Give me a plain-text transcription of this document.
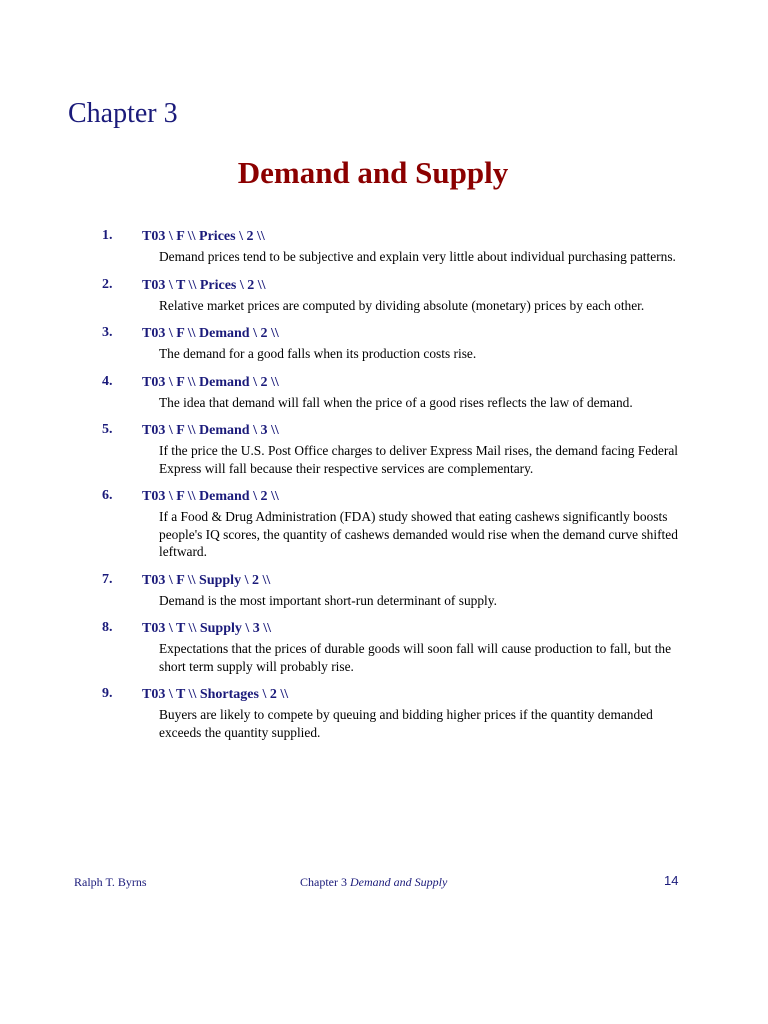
Chapter 3
Demand and Supply
1. T03 \ F \\ Prices \ 2 \\
Demand prices tend to be subjective and explain very little about individual purchasing patterns.
2. T03 \ T \\ Prices \ 2 \\
Relative market prices are computed by dividing absolute (monetary) prices by each other.
3. T03 \ F \\ Demand \ 2 \\
The demand for a good falls when its production costs rise.
4. T03 \ F \\ Demand \ 2 \\
The idea that demand will fall when the price of a good rises reflects the law of demand.
5. T03 \ F \\ Demand \ 3 \\
If the price the U.S. Post Office charges to deliver Express Mail rises, the demand facing Federal Express will fall because their respective services are complementary.
6. T03 \ F \\ Demand \ 2 \\
If a Food & Drug Administration (FDA) study showed that eating cashews significantly boosts people's IQ scores, the quantity of cashews demanded would rise when the demand curve shifted leftward.
7. T03 \ F \\ Supply \ 2 \\
Demand is the most important short-run determinant of supply.
8. T03 \ T \\ Supply \ 3 \\
Expectations that the prices of durable goods will soon fall will cause production to fall, but the short term supply will probably rise.
9. T03 \ T \\ Shortages \ 2 \\
Buyers are likely to compete by queuing and bidding higher prices if the quantity demanded exceeds the quantity supplied.
Ralph T. Byrns	Chapter 3 Demand and Supply	14
